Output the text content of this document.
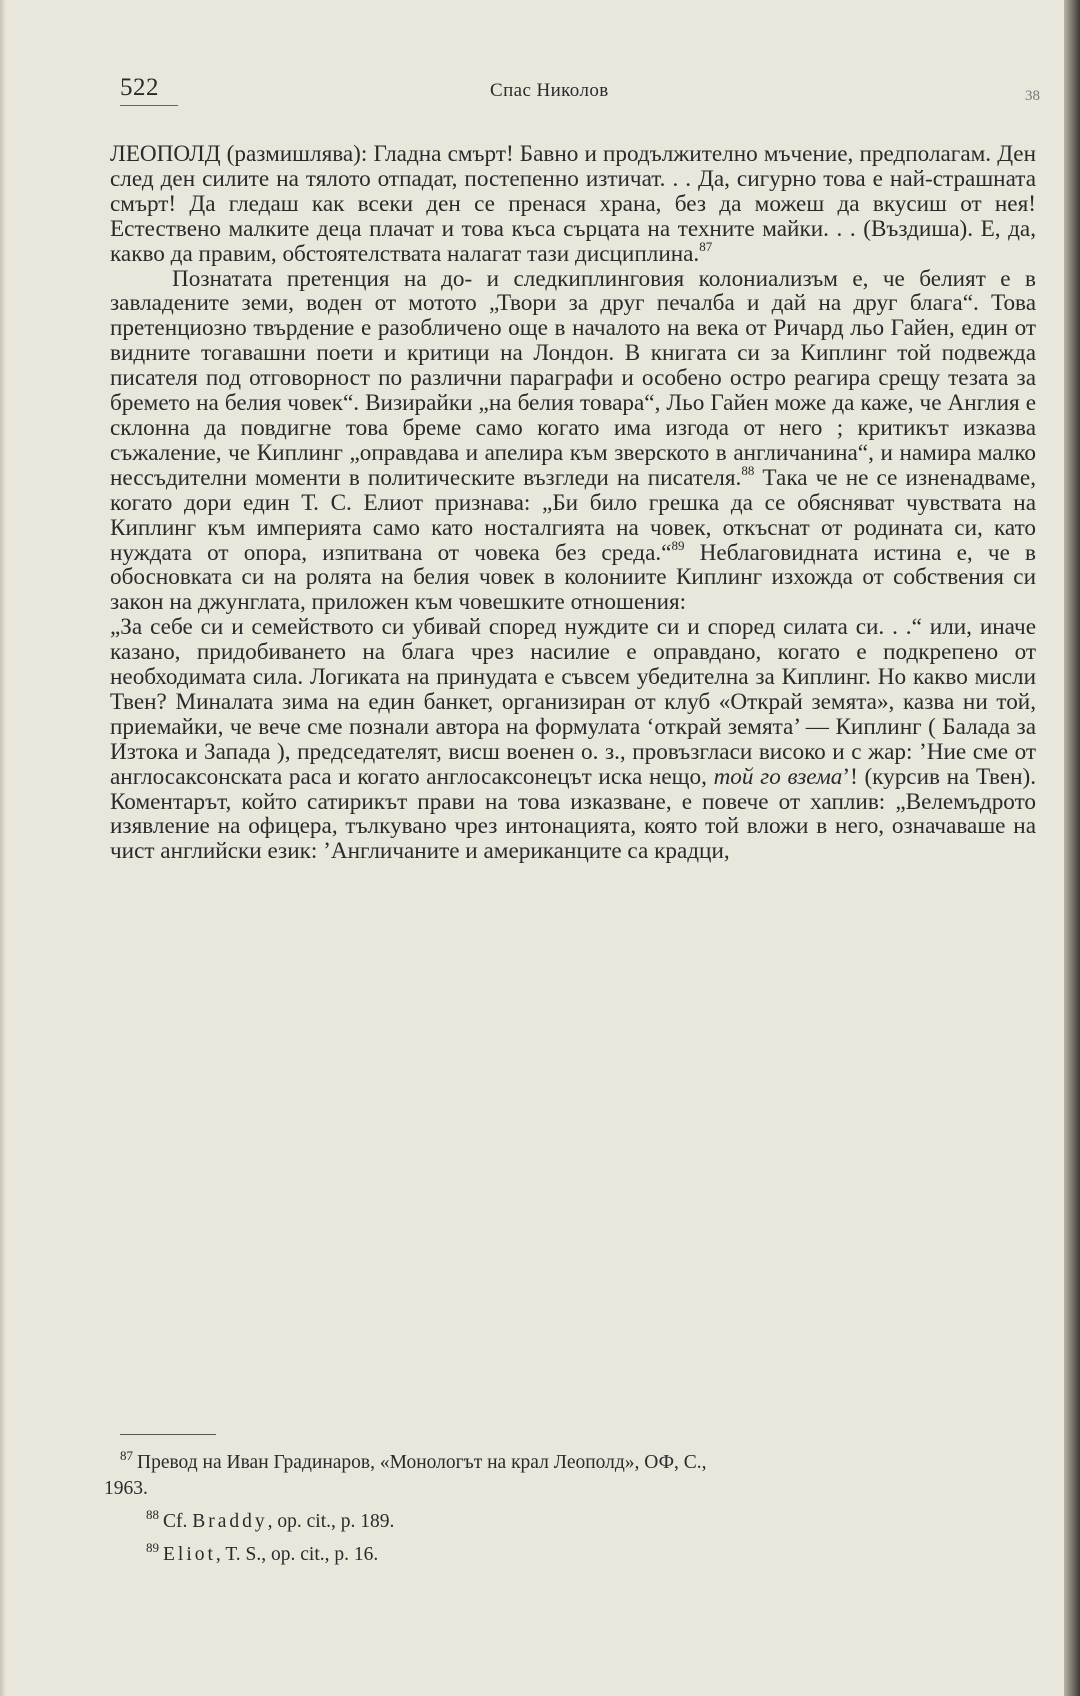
522	Спас Николов	38

ЛЕОПОЛД (размишлява): Гладна смърт! Бавно и продължително мъчение, предполагам. Ден след ден силите на тялото отпадат, постепенно изтичат. . . Да, сигурно това е най-страшната смърт! Да гледаш как всеки ден се пренася храна, без да можеш да вкусиш от нея! Естествено малките деца плачат и това къса сърцата на техните майки. . . (Въздиша). Е, да, какво да правим, обстоятелствата налагат тази дисциплина.$^{87}$

Познатата претенция на до- и следкиплинговия колониализъм е, че белият е в завладените земи, воден от мотото „Твори за друг печалба и дай на друг блага“. Това претенциозно твърдение е разобличено още в началото на века от Ричард льо Гайен, един от видните тогавашни поети и критици на Лондон. В книгата си за Киплинг той подвежда писателя под отговорност по различни параграфи и особено остро реагира срещу тезата за бремето на белия човек“. Визирайки „на белия товара“, Льо Гайен може да каже, че Англия е склонна да повдигне това бреме само когато има изгода от него ; критикът изказва съжаление, че Киплинг „оправдава и апелира към зверското в англичанина“, и намира малко нессъдителни моменти в политическите възгледи на писателя.$^{88}$ Така че не се изненадваме, когато дори един Т. С. Елиот признава: „Би било грешка да се обясняват чувствата на Киплинг към империята само като носталгията на човек, откъснат от родината си, като нуждата от опора, изпитвана от човека без среда.“$^{89}$ Неблаговидната истина е, че в обосновката си на ролята на белия човек в колониите Киплинг изхожда от собствения си закон на джунглата, приложен към човешките отношения:

„За себе си и семейството си убивай според нуждите си и според силата си. . .“ или, иначе казано, придобиването на блага чрез насилие е оправдано, когато е подкрепено от необходимата сила. Логиката на принудата е съвсем убедителна за Киплинг. Но какво мисли Твен? Миналата зима на един банкет, организиран от клуб «Открай земята», казва ни той, приемайки, че вече сме познали автора на формулата ‘открай земята’ — Киплинг ( Балада за Изтока и Запада ), председателят, висш военен о. з., провъзгласи високо и с жар: ’Ние сме от англосаксонската раса и когато англосаксонецът иска нещо, той го взема’! (курсив на Твен). Коментарът, който сатирикът прави на това изказване, е повече от хаплив: „Велемъдрото изявление на офицера, тълкувано чрез интонацията, която той вложи в него, означаваше на чист английски език: ’Англичаните и американците са крадци,

$^{87}$ Превод на Иван Градинаров, «Монологът на крал Леополд», ОФ, С.,

1963.

$^{88}$ Cf. Braddy, op. cit., p. 189.

$^{89}$ Eliot, T. S., op. cit., p. 16.
